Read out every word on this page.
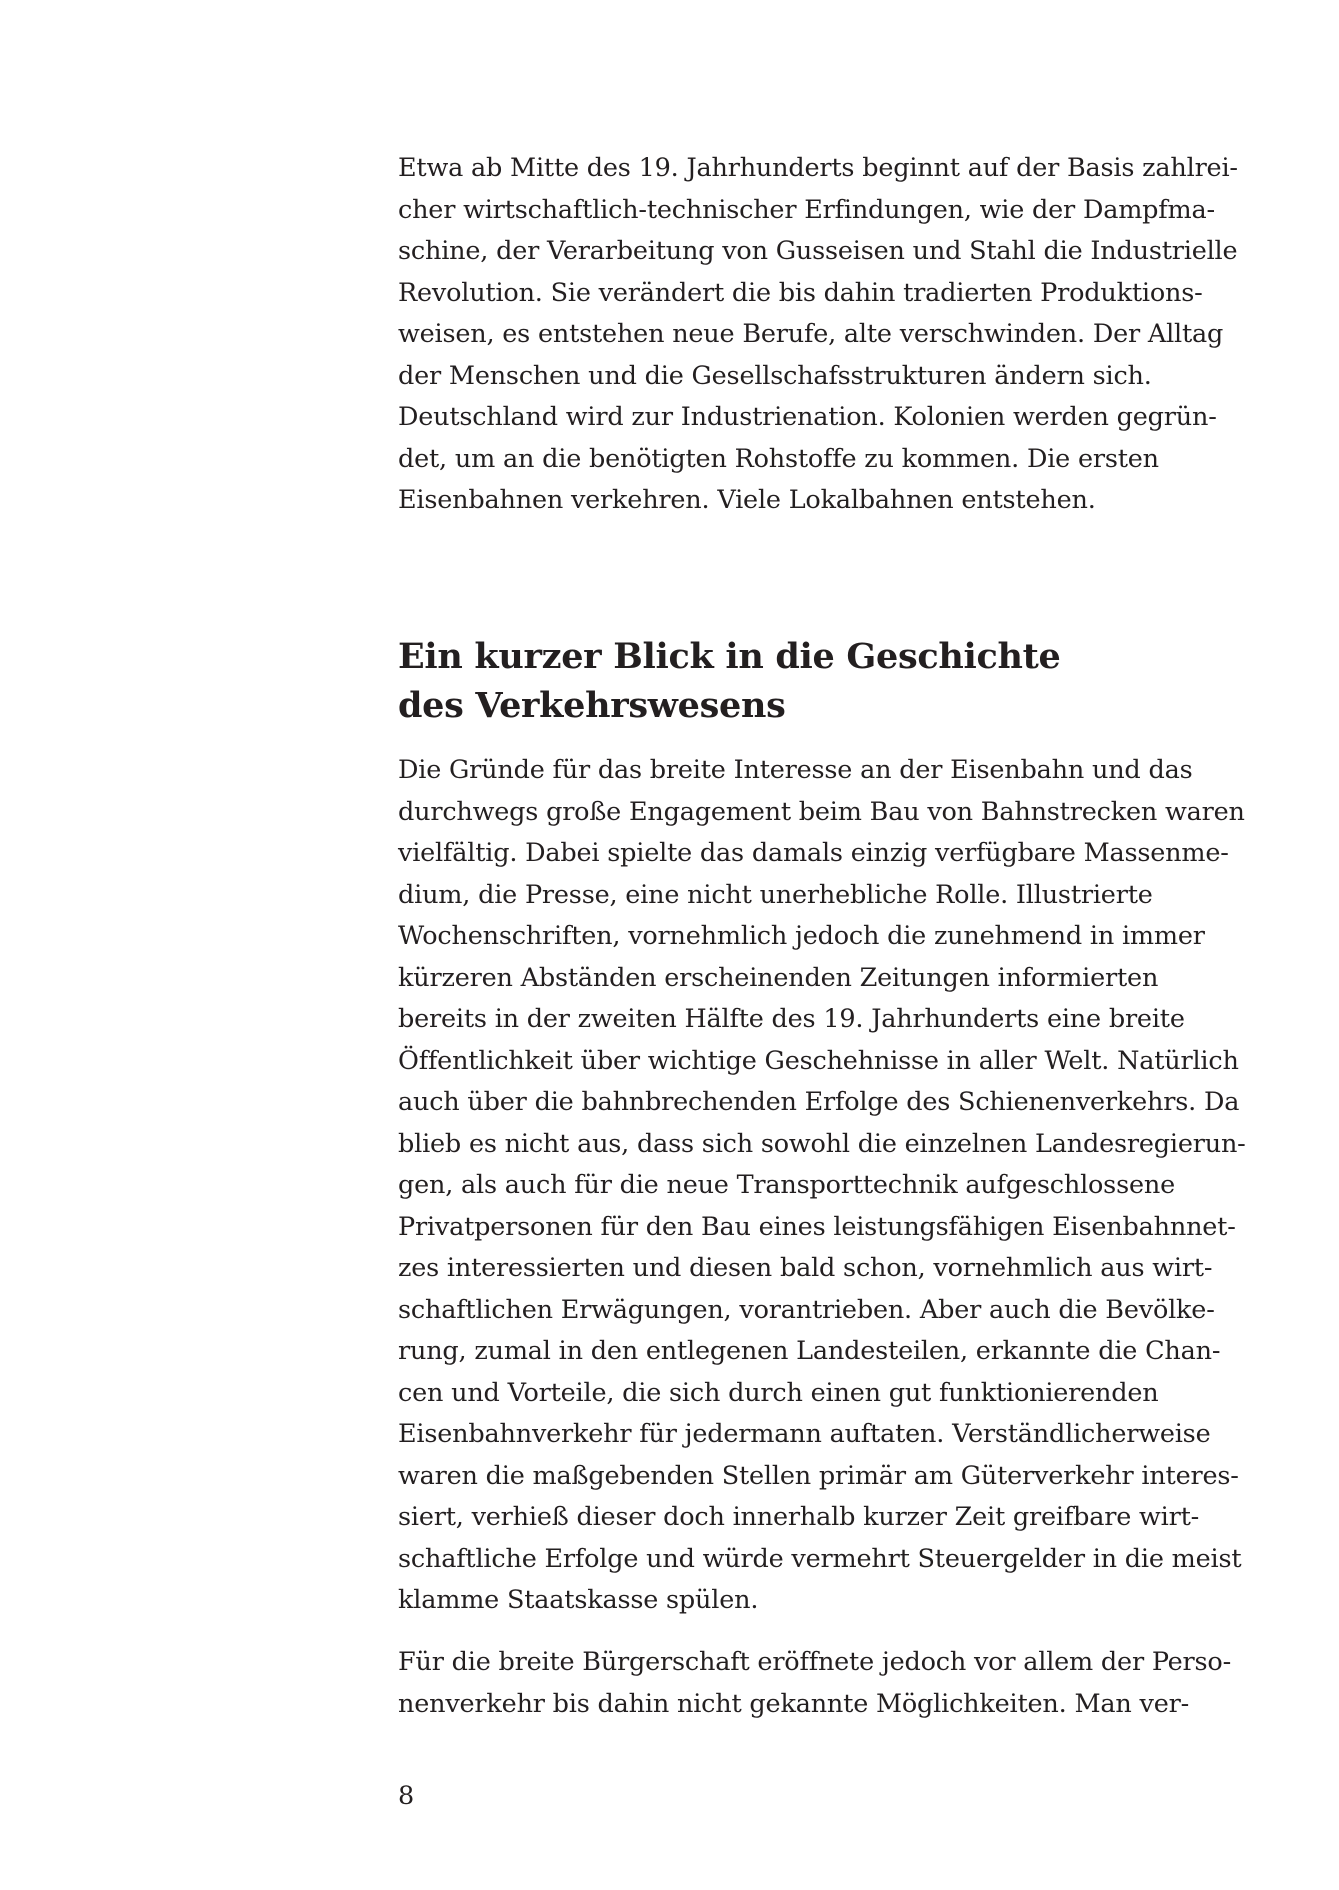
Etwa ab Mitte des 19. Jahrhunderts beginnt auf der Basis zahlrei-
cher wirtschaftlich-technischer Erfindungen, wie der Dampfma-
schine, der Verarbeitung von Gusseisen und Stahl die Industrielle
Revolution. Sie verändert die bis dahin tradierten Produktions-
weisen, es entstehen neue Berufe, alte verschwinden. Der Alltag
der Menschen und die Gesellschafsstrukturen ändern sich.
Deutschland wird zur Industrienation. Kolonien werden gegrün-
det, um an die benötigten Rohstoffe zu kommen. Die ersten
Eisenbahnen verkehren. Viele Lokalbahnen entstehen.
Ein kurzer Blick in die Geschichte
des Verkehrswesens
Die Gründe für das breite Interesse an der Eisenbahn und das
durchwegs große Engagement beim Bau von Bahnstrecken waren
vielfältig. Dabei spielte das damals einzig verfügbare Massenme-
dium, die Presse, eine nicht unerhebliche Rolle. Illustrierte
Wochenschriften, vornehmlich jedoch die zunehmend in immer
kürzeren Abständen erscheinenden Zeitungen informierten
bereits in der zweiten Hälfte des 19. Jahrhunderts eine breite
Öffentlichkeit über wichtige Geschehnisse in aller Welt. Natürlich
auch über die bahnbrechenden Erfolge des Schienenverkehrs. Da
blieb es nicht aus, dass sich sowohl die einzelnen Landesregierun-
gen, als auch für die neue Transporttechnik aufgeschlossene
Privatpersonen für den Bau eines leistungsfähigen Eisenbahnnet-
zes interessierten und diesen bald schon, vornehmlich aus wirt-
schaftlichen Erwägungen, vorantrieben. Aber auch die Bevölke-
rung, zumal in den entlegenen Landesteilen, erkannte die Chan-
cen und Vorteile, die sich durch einen gut funktionierenden
Eisenbahnverkehr für jedermann auftaten. Verständlicherweise
waren die maßgebenden Stellen primär am Güterverkehr interes-
siert, verhieß dieser doch innerhalb kurzer Zeit greifbare wirt-
schaftliche Erfolge und würde vermehrt Steuergelder in die meist
klamme Staatskasse spülen.
Für die breite Bürgerschaft eröffnete jedoch vor allem der Perso-
nenverkehr bis dahin nicht gekannte Möglichkeiten. Man ver-
8
